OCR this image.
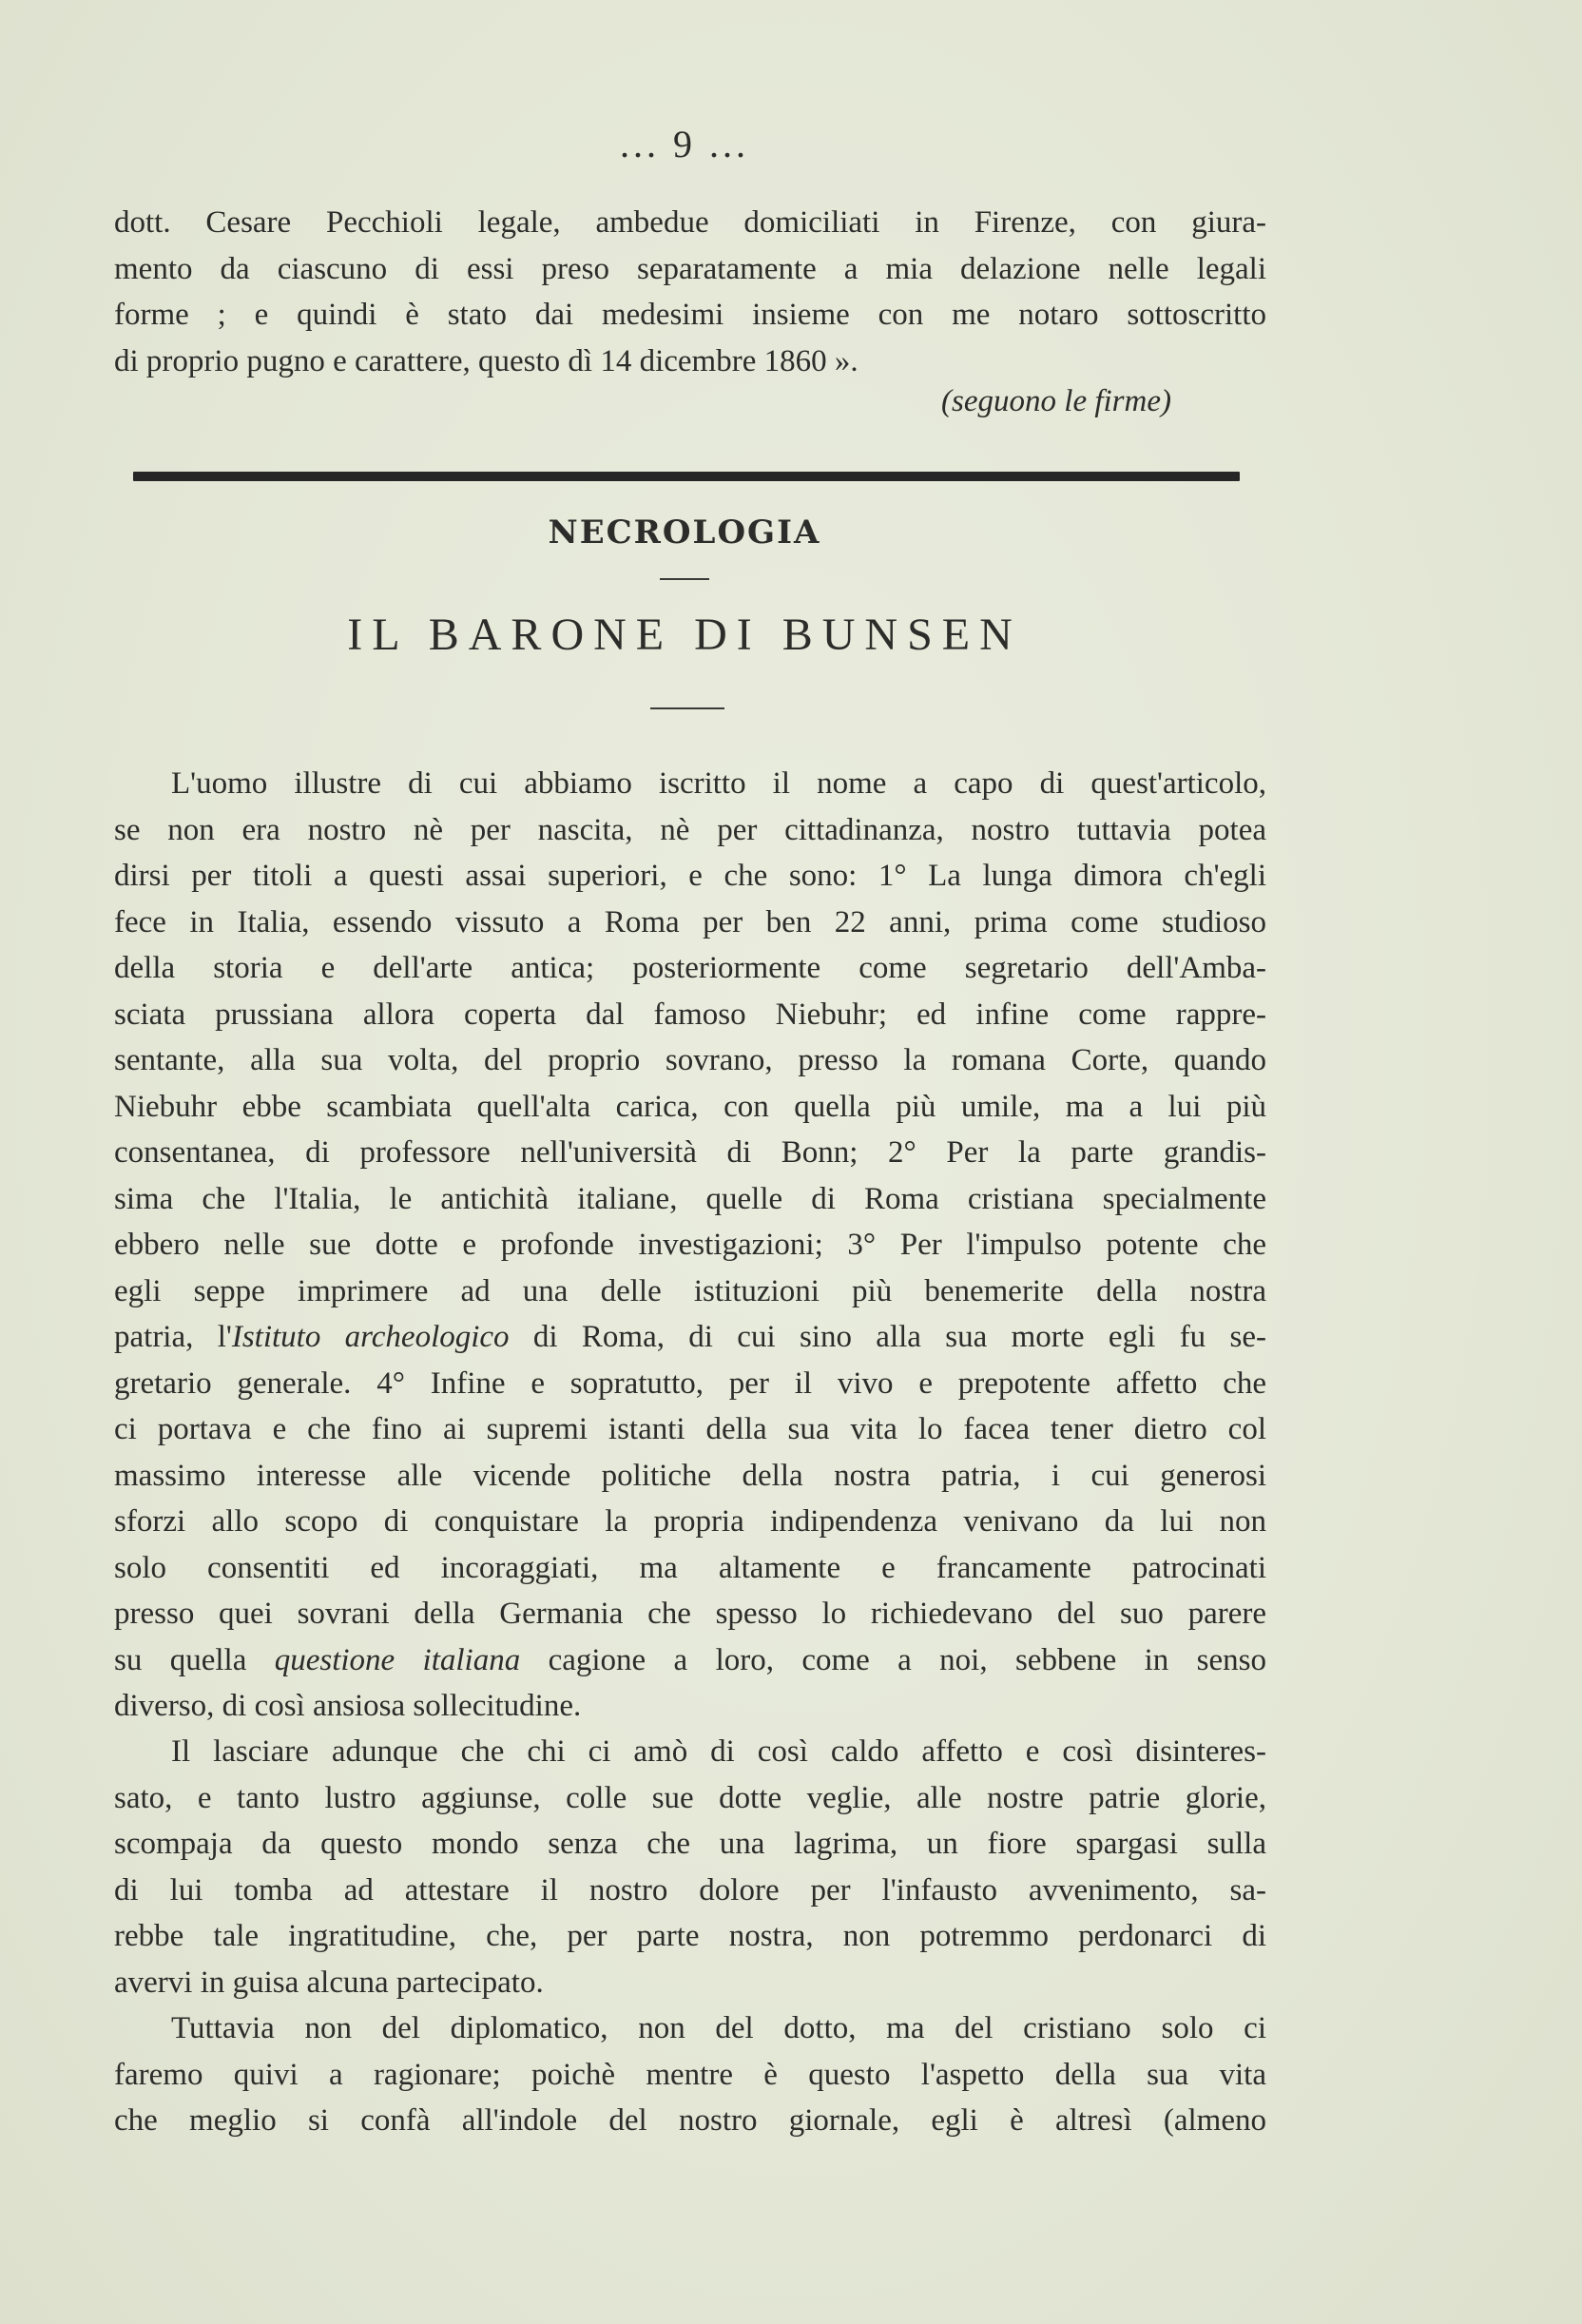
... 9 ...
dott. Cesare Pecchioli legale, ambedue domiciliati in Firenze, con giura-
mento da ciascuno di essi preso separatamente a mia delazione nelle legali
forme ; e quindi è stato dai medesimi insieme con me notaro sottoscritto
di proprio pugno e carattere, questo dì 14 dicembre 1860 ».
(seguono le firme)
NECROLOGIA
IL BARONE DI BUNSEN
L'uomo illustre di cui abbiamo iscritto il nome a capo di quest'articolo,
se non era nostro nè per nascita, nè per cittadinanza, nostro tuttavia potea
dirsi per titoli a questi assai superiori, e che sono: 1° La lunga dimora ch'egli
fece in Italia, essendo vissuto a Roma per ben 22 anni, prima come studioso
della storia e dell'arte antica; posteriormente come segretario dell'Amba-
sciata prussiana allora coperta dal famoso Niebuhr; ed infine come rappre-
sentante, alla sua volta, del proprio sovrano, presso la romana Corte, quando
Niebuhr ebbe scambiata quell'alta carica, con quella più umile, ma a lui più
consentanea, di professore nell'università di Bonn; 2° Per la parte grandis-
sima che l'Italia, le antichità italiane, quelle di Roma cristiana specialmente
ebbero nelle sue dotte e profonde investigazioni; 3° Per l'impulso potente che
egli seppe imprimere ad una delle istituzioni più benemerite della nostra
patria, l'Istituto archeologico di Roma, di cui sino alla sua morte egli fu se-
gretario generale. 4° Infine e sopratutto, per il vivo e prepotente affetto che
ci portava e che fino ai supremi istanti della sua vita lo facea tener dietro col
massimo interesse alle vicende politiche della nostra patria, i cui generosi
sforzi allo scopo di conquistare la propria indipendenza venivano da lui non
solo consentiti ed incoraggiati, ma altamente e francamente patrocinati
presso quei sovrani della Germania che spesso lo richiedevano del suo parere
su quella questione italiana cagione a loro, come a noi, sebbene in senso
diverso, di così ansiosa sollecitudine.
Il lasciare adunque che chi ci amò di così caldo affetto e così disinteres-
sato, e tanto lustro aggiunse, colle sue dotte veglie, alle nostre patrie glorie,
scompaja da questo mondo senza che una lagrima, un fiore spargasi sulla
di lui tomba ad attestare il nostro dolore per l'infausto avvenimento, sa-
rebbe tale ingratitudine, che, per parte nostra, non potremmo perdonarci di
avervi in guisa alcuna partecipato.
Tuttavia non del diplomatico, non del dotto, ma del cristiano solo ci
faremo quivi a ragionare; poichè mentre è questo l'aspetto della sua vita
che meglio si confà all'indole del nostro giornale, egli è altresì (almeno
